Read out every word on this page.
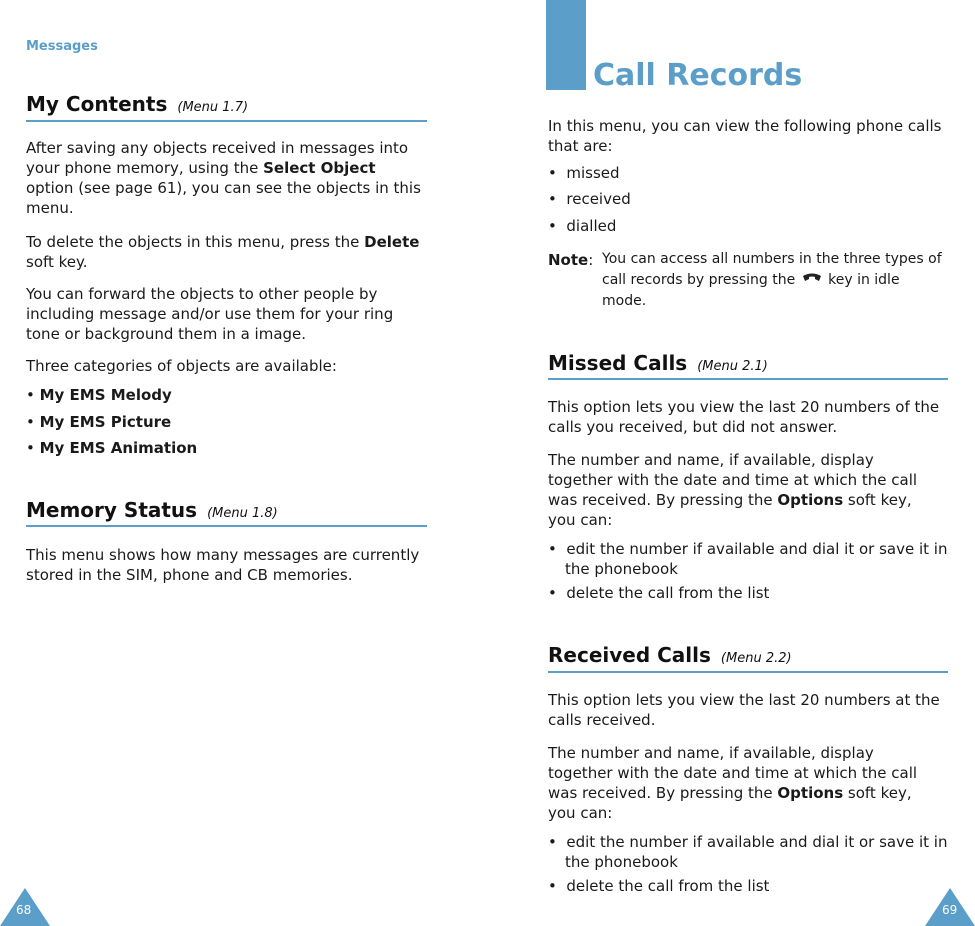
Messages
My Contents (Menu 1.7)

After saving any objects received in messages into your phone memory, using the Select Object option (see page 61), you can see the objects in this menu.

To delete the objects in this menu, press the Delete soft key.

You can forward the objects to other people by including message and/or use them for your ring tone or background them in a image.

Three categories of objects are available:

• My EMS Melody
• My EMS Picture
• My EMS Animation
Memory Status (Menu 1.8)

This menu shows how many messages are currently stored in the SIM, phone and CB memories.

68
Call Records

In this menu, you can view the following phone calls that are:

•  missed
•  received
•  dialled
Note: You can access all numbers in the three types of call records by pressing the  key in idle mode.
Missed Calls (Menu 2.1)

This option lets you view the last 20 numbers of the calls you received, but did not answer.

The number and name, if available, display together with the date and time at which the call was received. By pressing the Options soft key, you can:

•  edit the number if available and dial it or save it in the phonebook
•  delete the call from the list
Received Calls (Menu 2.2)

This option lets you view the last 20 numbers at the calls received.

The number and name, if available, display together with the date and time at which the call was received. By pressing the Options soft key, you can:

•  edit the number if available and dial it or save it in the phonebook
•  delete the call from the list
69
